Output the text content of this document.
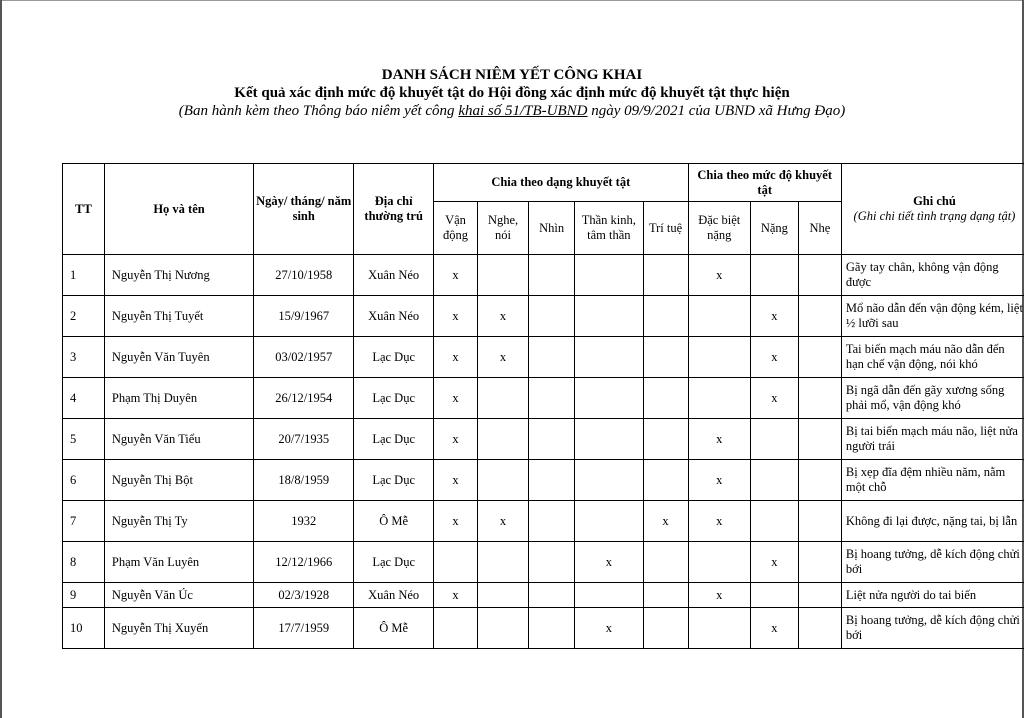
DANH SÁCH NIÊM YẾT CÔNG KHAI
Kết quả xác định mức độ khuyết tật do Hội đồng xác định mức độ khuyết tật thực hiện
(Ban hành kèm theo Thông báo niêm yết công khai số 51/TB-UBND ngày 09/9/2021 của UBND xã Hưng Đạo)
TT	Họ và tên	Ngày/ tháng/ năm sinh	Địa chỉ thường trú	Chia theo dạng khuyết tật					Chia theo mức độ khuyết tật			Ghi chú
(Ghi chi tiết tình trạng dạng tật)

				Vận động	Nghe, nói	Nhìn	Thần kinh, tâm thần	Trí tuệ	Đặc biệt nặng	Nặng	Nhẹ	
1	Nguyễn Thị Nương	27/10/1958	Xuân Néo	x					x			Gãy tay chân, không vận động được
2	Nguyễn Thị Tuyết	15/9/1967	Xuân Néo	x	x					x		Mổ não dẫn đến vận động kém, liệt ½ lưỡi sau
3	Nguyễn Văn Tuyên	03/02/1957	Lạc Dục	x	x					x		Tai biến mạch máu não dẫn đến hạn chế vận động, nói khó
4	Phạm Thị Duyên	26/12/1954	Lạc Dục	x						x		Bị ngã dẫn đến gãy xương sống phải mổ, vận động khó
5	Nguyễn Văn Tiểu	20/7/1935	Lạc Dục	x					x			Bị tai biến mạch máu não, liệt nửa người trái
6	Nguyễn Thị Bột	18/8/1959	Lạc Dục	x					x			Bị xẹp đĩa đệm nhiều năm, nằm một chỗ
7	Nguyễn Thị Ty	1932	Ô Mễ	x	x			x	x			Không đi lại được, nặng tai, bị lẫn
8	Phạm Văn Luyên	12/12/1966	Lạc Dục				x			x		Bị hoang tưởng, dễ kích động chửi bới
9	Nguyễn Văn Úc	02/3/1928	Xuân Néo	x					x			Liệt nửa người do tai biến
10	Nguyễn Thị Xuyến	17/7/1959	Ô Mễ				x			x		Bị hoang tưởng, dễ kích động chửi bới
